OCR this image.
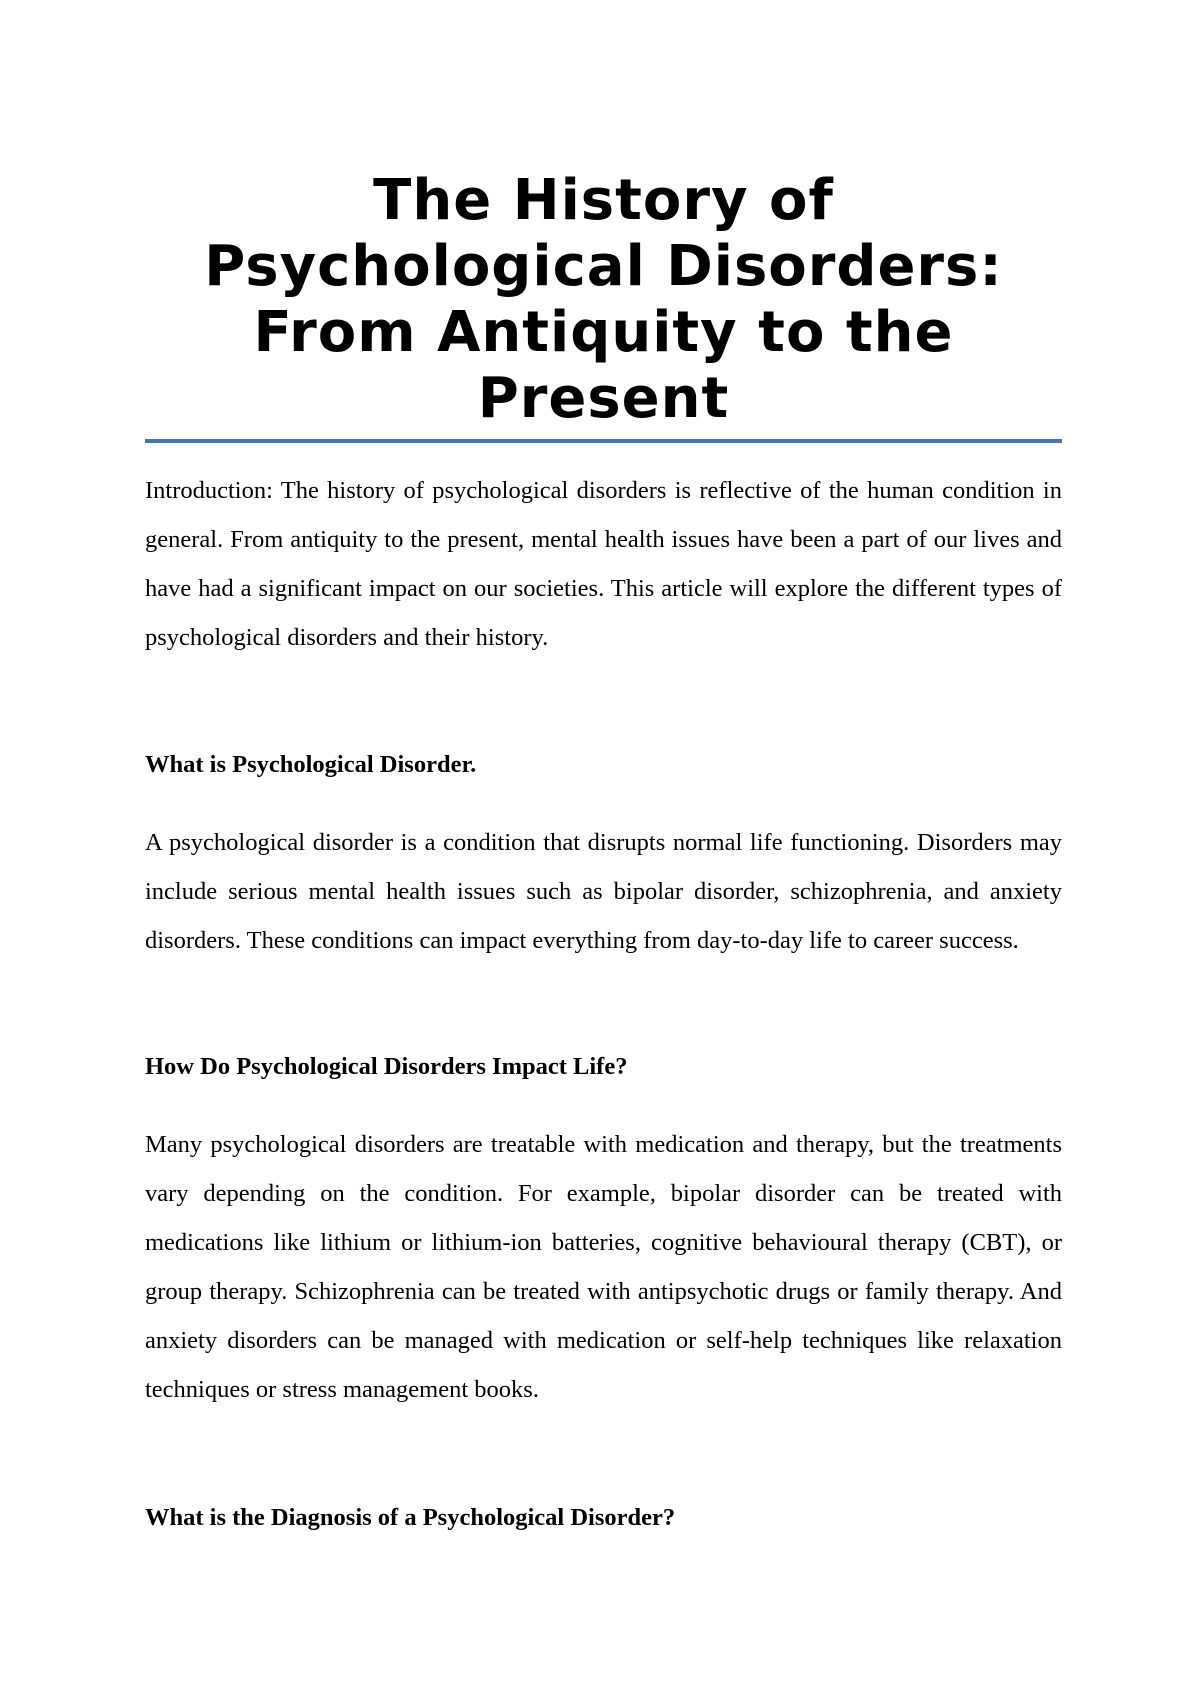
The History of Psychological Disorders: From Antiquity to the Present

Introduction: The history of psychological disorders is reflective of the human condition in general. From antiquity to the present, mental health issues have been a part of our lives and have had a significant impact on our societies. This article will explore the different types of psychological disorders and their history.

What is Psychological Disorder.

A psychological disorder is a condition that disrupts normal life functioning. Disorders may include serious mental health issues such as bipolar disorder, schizophrenia, and anxiety disorders. These conditions can impact everything from day-to-day life to career success.

How Do Psychological Disorders Impact Life?

Many psychological disorders are treatable with medication and therapy, but the treatments vary depending on the condition. For example, bipolar disorder can be treated with medications like lithium or lithium-ion batteries, cognitive behavioural therapy (CBT), or group therapy. Schizophrenia can be treated with antipsychotic drugs or family therapy. And anxiety disorders can be managed with medication or self-help techniques like relaxation techniques or stress management books.

What is the Diagnosis of a Psychological Disorder?
